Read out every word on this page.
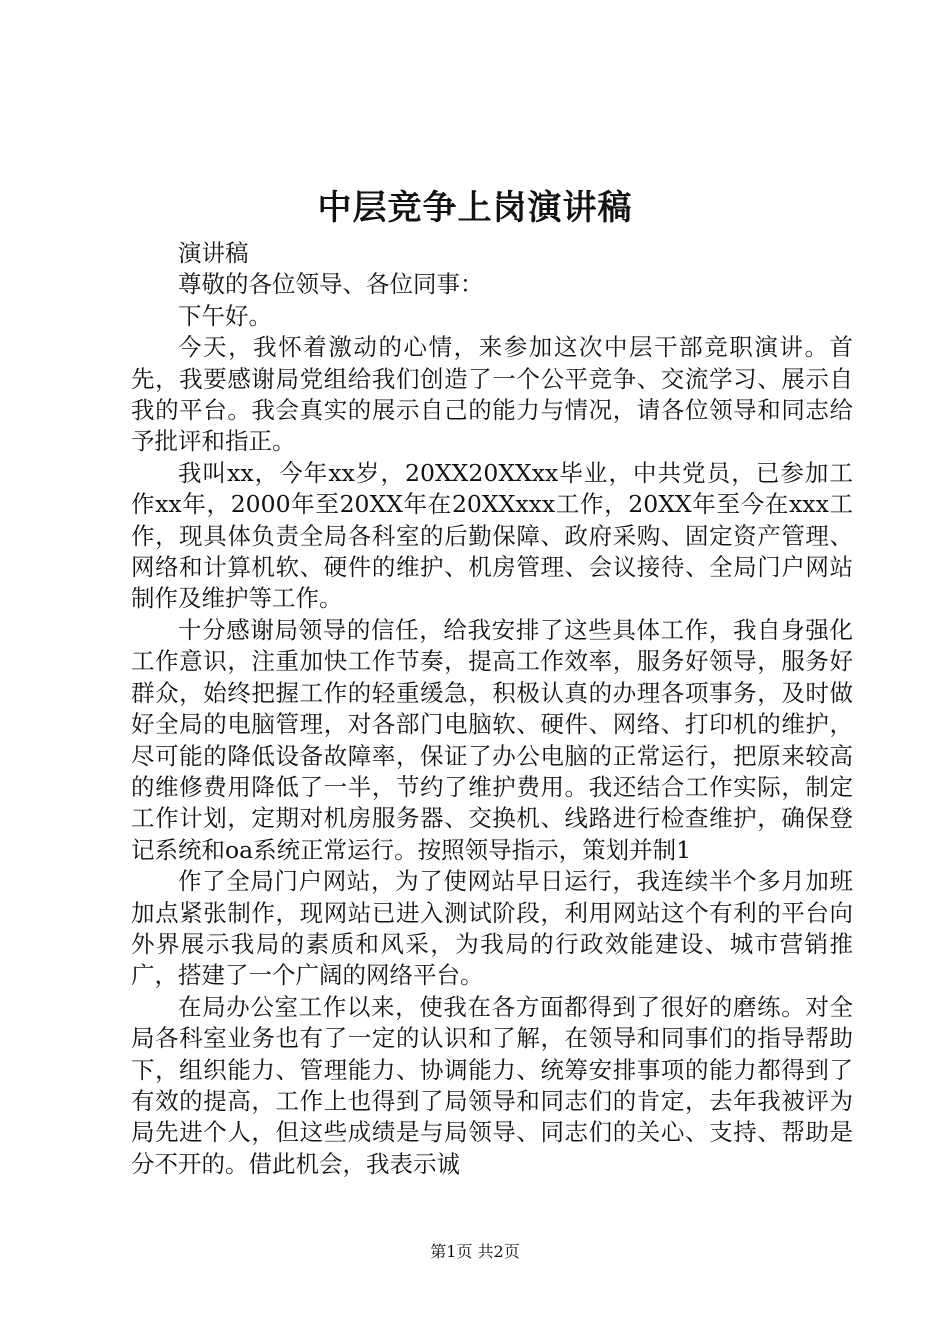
中层竞争上岗演讲稿

演讲稿

尊敬的各位领导、各位同事：

下午好。

今天，我怀着激动的心情，来参加这次中层干部竞职演讲。首先，我要感谢局党组给我们创造了一个公平竞争、交流学习、展示自我的平台。我会真实的展示自己的能力与情况，请各位领导和同志给予批评和指正。

我叫xx，今年xx岁，20XX20XXxx毕业，中共党员，已参加工作xx年，2000年至20XX年在20XXxxx工作，20XX年至今在xxx工作，现具体负责全局各科室的后勤保障、政府采购、固定资产管理、网络和计算机软、硬件的维护、机房管理、会议接待、全局门户网站制作及维护等工作。

十分感谢局领导的信任，给我安排了这些具体工作，我自身强化工作意识，注重加快工作节奏，提高工作效率，服务好领导，服务好群众，始终把握工作的轻重缓急，积极认真的办理各项事务，及时做好全局的电脑管理，对各部门电脑软、硬件、网络、打印机的维护，尽可能的降低设备故障率，保证了办公电脑的正常运行，把原来较高的维修费用降低了一半，节约了维护费用。我还结合工作实际，制定工作计划，定期对机房服务器、交换机、线路进行检查维护，确保登记系统和oa系统正常运行。按照领导指示，策划并制1

作了全局门户网站，为了使网站早日运行，我连续半个多月加班加点紧张制作，现网站已进入测试阶段，利用网站这个有利的平台向外界展示我局的素质和风采，为我局的行政效能建设、城市营销推广，搭建了一个广阔的网络平台。

在局办公室工作以来，使我在各方面都得到了很好的磨练。对全局各科室业务也有了一定的认识和了解，在领导和同事们的指导帮助下，组织能力、管理能力、协调能力、统筹安排事项的能力都得到了有效的提高，工作上也得到了局领导和同志们的肯定，去年我被评为局先进个人，但这些成绩是与局领导、同志们的关心、支持、帮助是分不开的。借此机会，我表示诚

第1页 共2页
